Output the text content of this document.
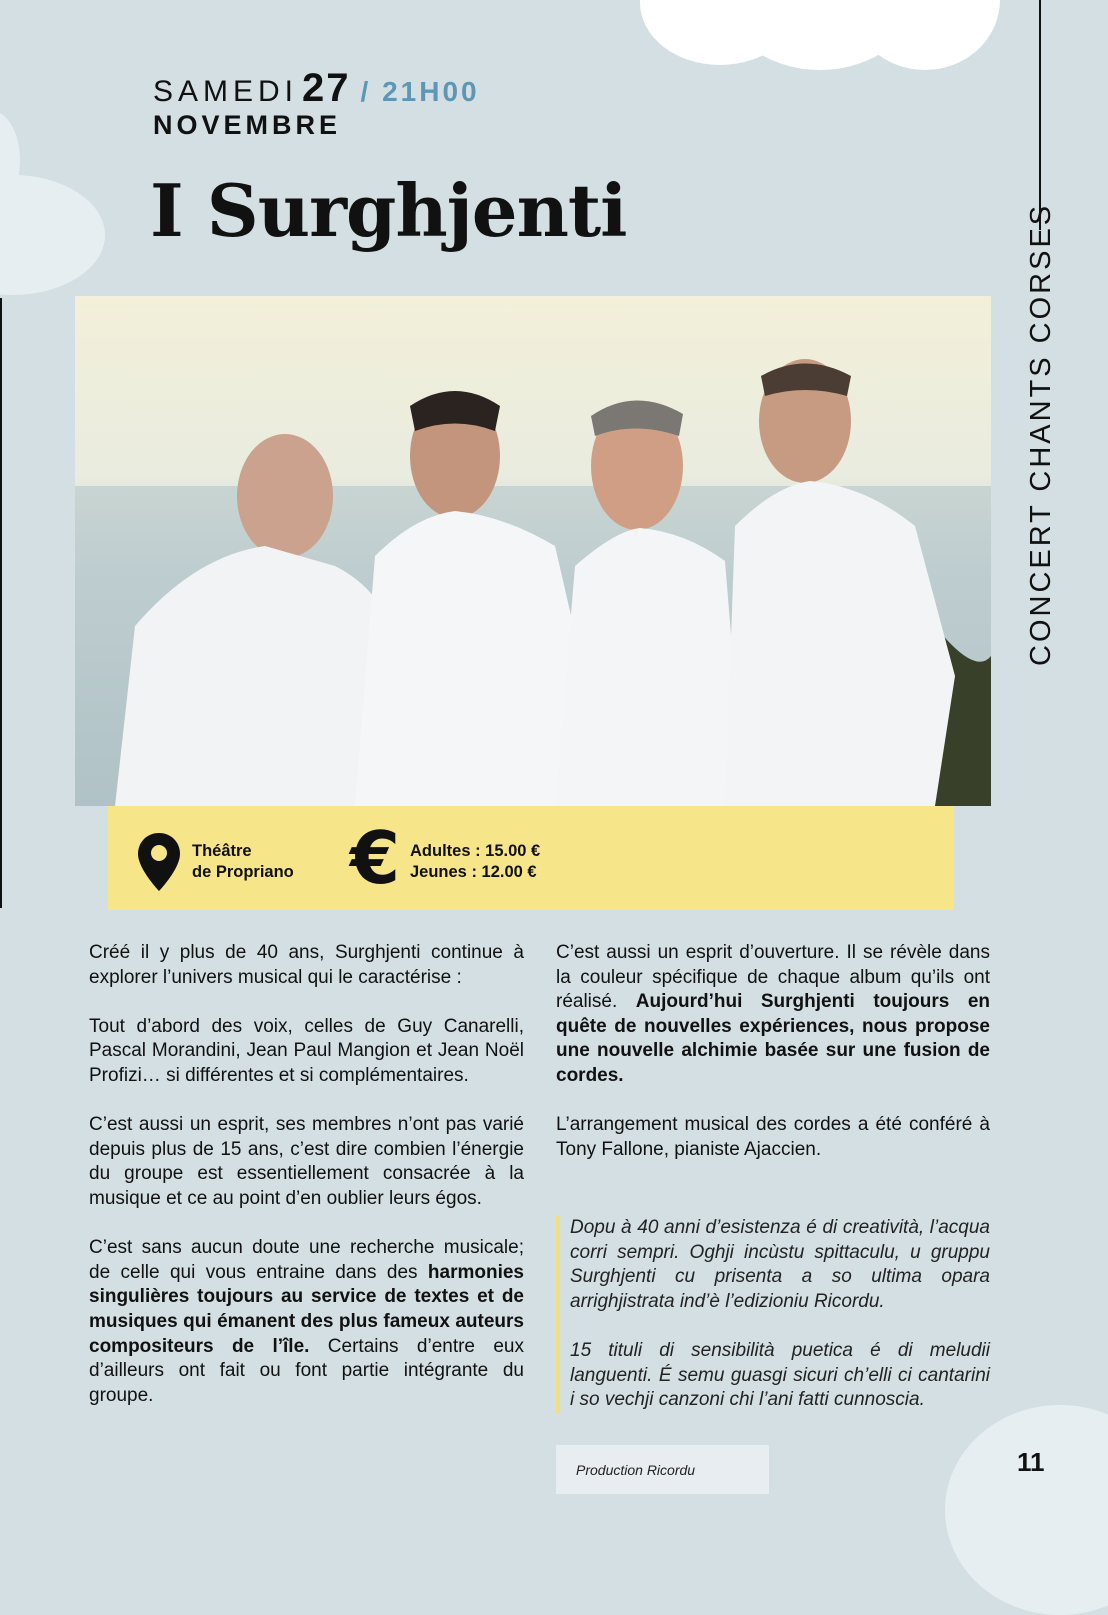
SAMEDI 27 / 21H00
NOVEMBRE
I Surghjenti	CONCERT CHANTS CORSES
Théâtre
de Propriano € Adultes : 15.00 €
Jeunes : 12.00 €

Créé il y plus de 40 ans, Surghjenti continue à explorer l’univers musical qui le caractérise :

Tout d’abord des voix, celles de Guy Canarelli, Pascal Morandini, Jean Paul Mangion et Jean Noël Profizi… si différentes et si complémentaires.

C’est aussi un esprit, ses membres n’ont pas varié depuis plus de 15 ans, c’est dire combien l’énergie du groupe est essentiellement consacrée à la musique et ce au point d’en oublier leurs égos.

C’est sans aucun doute une recherche musicale; de celle qui vous entraine dans des harmonies singulières toujours au service de textes et de musiques qui émanent des plus fameux auteurs compositeurs de l’île. Certains d’entre eux d’ailleurs ont fait ou font partie intégrante du groupe.

C’est aussi un esprit d’ouverture. Il se révèle dans la couleur spécifique de chaque album qu’ils ont réalisé. Aujourd’hui Surghjenti toujours en quête de nouvelles expériences, nous propose une nouvelle alchimie basée sur une fusion de cordes.

L’arrangement musical des cordes a été conféré à Tony Fallone, pianiste Ajaccien.

Dopu à 40 anni d’esistenza é di creatività, l’acqua corri sempri. Oghji incùstu spittaculu, u gruppu Surghjenti cu prisenta a so ultima opara arrighjistrata ind’è l’edizioniu Ricordu.

15 tituli di sensibilità puetica é di meludii languenti. É semu guasgi sicuri ch’elli ci cantarini i so vechji canzoni chi l’ani fatti cunnoscia.

Production Ricordu	11
